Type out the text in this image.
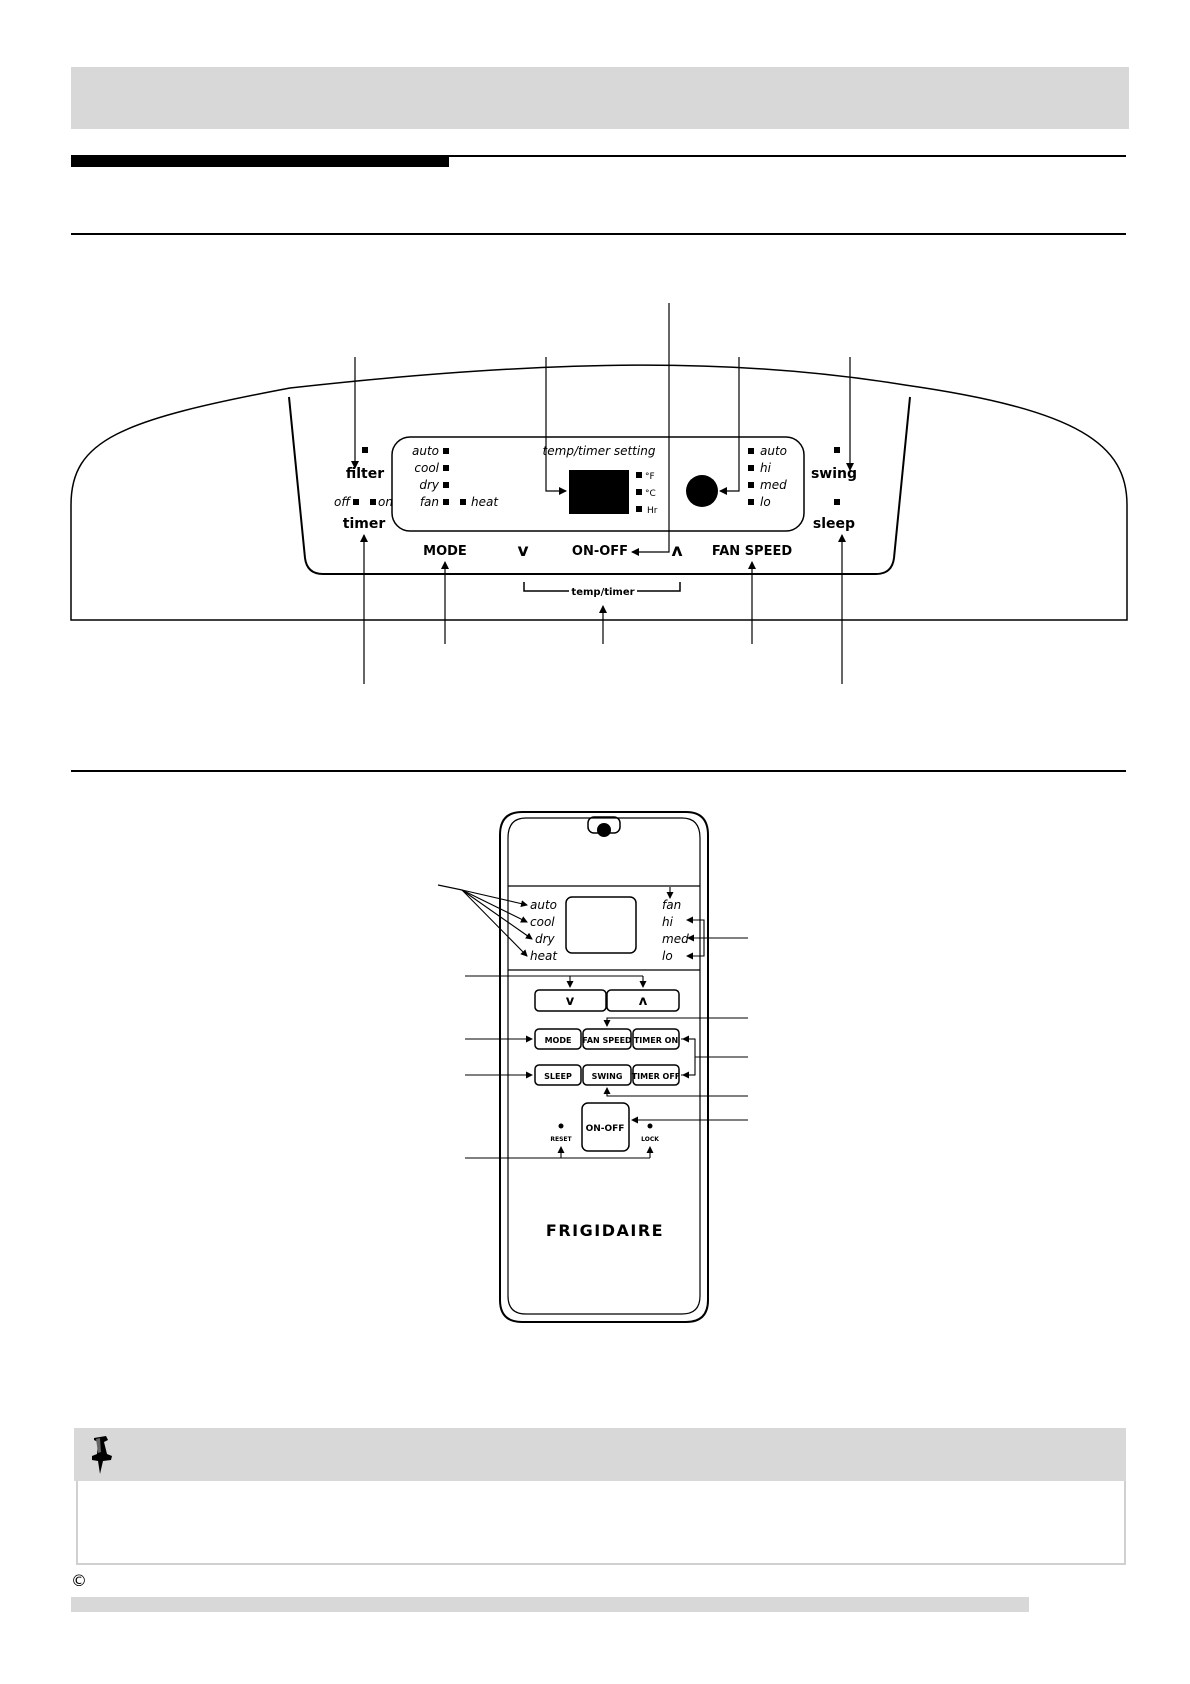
filter
off on
timer
swing
sleep
auto
cool
dry
fan	heat
temp/timer setting
°F
°C
Hr
auto
hi
med
lo
MODE	v	ON-OFF	ʌ FAN SPEED
temp/timer
auto
cool
dry
heat
fan
hi
med
lo
v	ʌ
MODE FAN SPEED TIMER ON
SLEEP SWING TIMER OFF
ON-OFF
RESET	LOCK
FRIGIDAIRE
©
